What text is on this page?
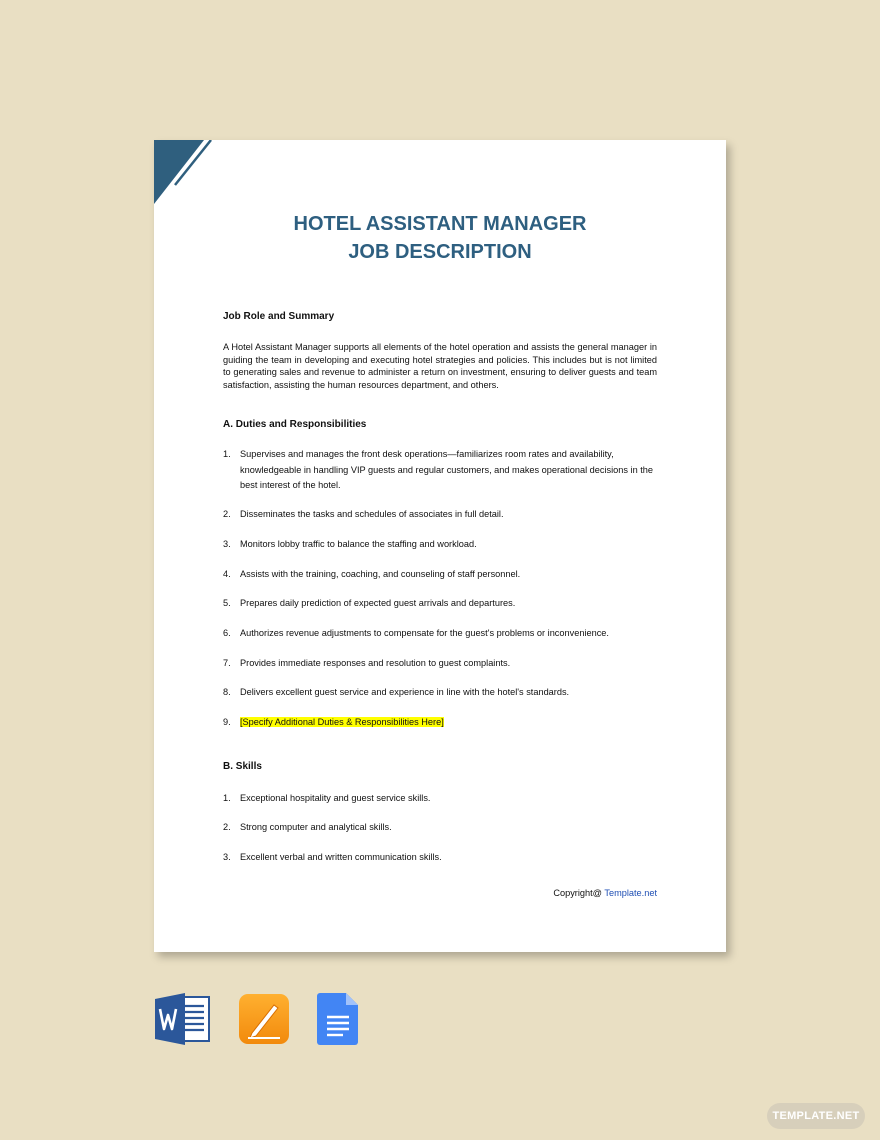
HOTEL ASSISTANT MANAGER
JOB DESCRIPTION
Job Role and Summary

A Hotel Assistant Manager supports all elements of the hotel operation and assists the general manager in guiding the team in developing and executing hotel strategies and policies. This includes but is not limited to generating sales and revenue to administer a return on investment, ensuring to deliver guests and team satisfaction, assisting the human resources department, and others.

A. Duties and Responsibilities
1.	Supervises and manages the front desk operations—familiarizes room rates and availability, knowledgeable in handling VIP guests and regular customers, and makes operational decisions in the best interest of the hotel.
2.	Disseminates the tasks and schedules of associates in full detail.
3.	Monitors lobby traffic to balance the staffing and workload.
4.	Assists with the training, coaching, and counseling of staff personnel.
5.	Prepares daily prediction of expected guest arrivals and departures.
6.	Authorizes revenue adjustments to compensate for the guest's problems or inconvenience.
7.	Provides immediate responses and resolution to guest complaints.
8.	Delivers excellent guest service and experience in line with the hotel's standards.
9.	[Specify Additional Duties & Responsibilities Here]
B. Skills
1.	Exceptional hospitality and guest service skills.
2.	Strong computer and analytical skills.
3.	Excellent verbal and written communication skills.
Copyright@ Template.net
TEMPLATE.NET
